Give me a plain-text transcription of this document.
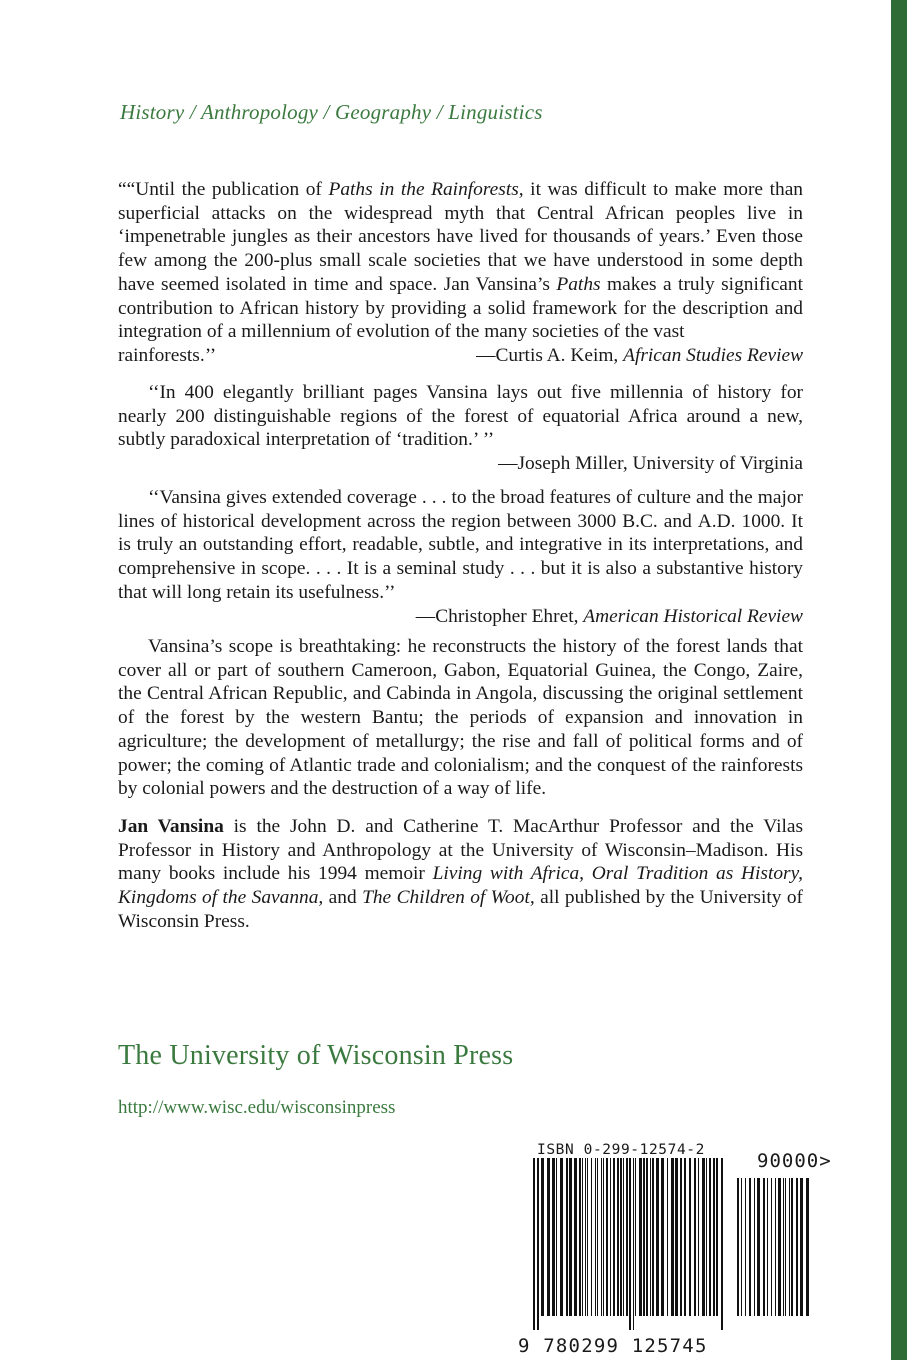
History / Anthropology / Geography / Linguistics

““Until the publication of Paths in the Rainforests, it was difficult to make more than superficial attacks on the widespread myth that Central African peoples live in ‘impenetrable jungles as their ancestors have lived for thousands of years.’ Even those few among the 200-plus small scale societies that we have understood in some depth have seemed isolated in time and space. Jan Vansina’s Paths makes a truly significant contribution to African history by providing a solid framework for the description and integration of a millennium of evolution of the many societies of the vast

rainforests.’’	—Curtis A. Keim, African Studies Review

‘‘In 400 elegantly brilliant pages Vansina lays out five millennia of history for nearly 200 distinguishable regions of the forest of equatorial Africa around a new, subtly paradoxical interpretation of ‘tradition.’ ’’

—Joseph Miller, University of Virginia

‘‘Vansina gives extended coverage . . . to the broad features of culture and the major lines of historical development across the region between 3000 B.C. and A.D. 1000. It is truly an outstanding effort, readable, subtle, and integrative in its interpretations, and comprehensive in scope. . . . It is a seminal study . . . but it is also a substantive history that will long retain its usefulness.’’

—Christopher Ehret, American Historical Review

Vansina’s scope is breathtaking: he reconstructs the history of the forest lands that cover all or part of southern Cameroon, Gabon, Equatorial Guinea, the Congo, Zaire, the Central African Republic, and Cabinda in Angola, discussing the original settlement of the forest by the western Bantu; the periods of expansion and innovation in agriculture; the development of metallurgy; the rise and fall of political forms and of power; the coming of Atlantic trade and colonialism; and the conquest of the rainforests by colonial powers and the destruction of a way of life.

Jan Vansina is the John D. and Catherine T. MacArthur Professor and the Vilas Professor in History and Anthropology at the University of Wisconsin–Madison. His many books include his 1994 memoir Living with Africa, Oral Tradition as History, Kingdoms of the Savanna, and The Children of Woot, all published by the University of Wisconsin Press.

The University of Wisconsin Press
http://www.wisc.edu/wisconsinpress
ISBN 0-299-12574-2	90000>
9 780299 125745
